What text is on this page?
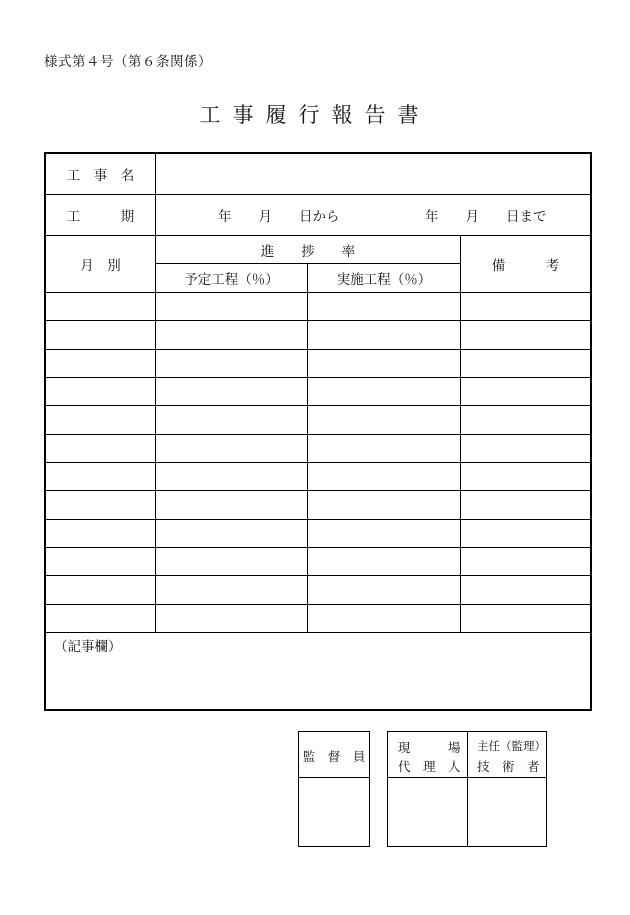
様式第４号（第６条関係）
工事履行報告書
工　事　名
工　　　期	年　　月　　日から	年　　月　　日まで
月　別
進　　捗　　率
予定工程（％）	実施工程（％）
備　　　考
（記事欄）
監　督　員
現　　　場
代　理　人
主任（監理）
技　術　者
